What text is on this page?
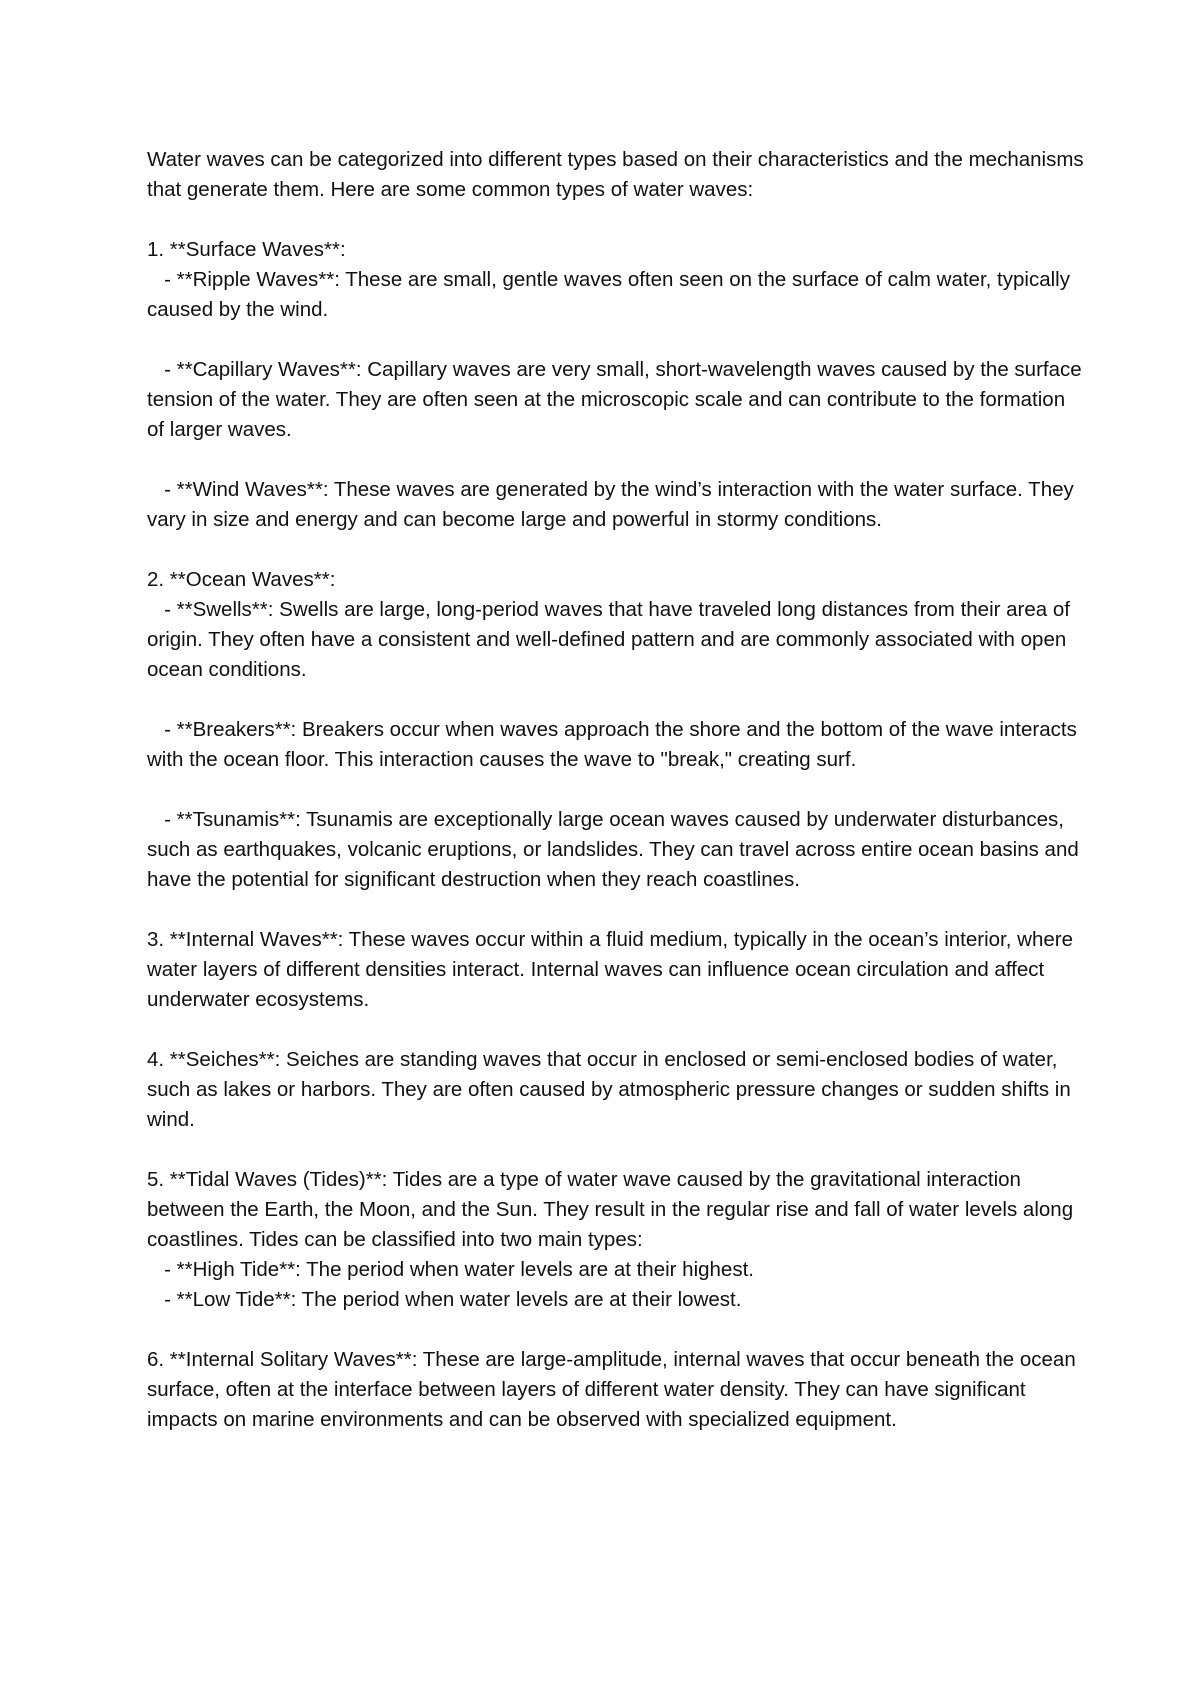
Water waves can be categorized into different types based on their characteristics and the mechanisms that generate them. Here are some common types of water waves:

1. **Surface Waves**:

- **Ripple Waves**: These are small, gentle waves often seen on the surface of calm water, typically caused by the wind.

- **Capillary Waves**: Capillary waves are very small, short-wavelength waves caused by the surface tension of the water. They are often seen at the microscopic scale and can contribute to the formation of larger waves.

- **Wind Waves**: These waves are generated by the wind’s interaction with the water surface. They vary in size and energy and can become large and powerful in stormy conditions.

2. **Ocean Waves**:

- **Swells**: Swells are large, long-period waves that have traveled long distances from their area of origin. They often have a consistent and well-defined pattern and are commonly associated with open ocean conditions.

- **Breakers**: Breakers occur when waves approach the shore and the bottom of the wave interacts with the ocean floor. This interaction causes the wave to "break," creating surf.

- **Tsunamis**: Tsunamis are exceptionally large ocean waves caused by underwater disturbances, such as earthquakes, volcanic eruptions, or landslides. They can travel across entire ocean basins and have the potential for significant destruction when they reach coastlines.

3. **Internal Waves**: These waves occur within a fluid medium, typically in the ocean’s interior, where water layers of different densities interact. Internal waves can influence ocean circulation and affect underwater ecosystems.

4. **Seiches**: Seiches are standing waves that occur in enclosed or semi-enclosed bodies of water, such as lakes or harbors. They are often caused by atmospheric pressure changes or sudden shifts in wind.

5. **Tidal Waves (Tides)**: Tides are a type of water wave caused by the gravitational interaction between the Earth, the Moon, and the Sun. They result in the regular rise and fall of water levels along coastlines. Tides can be classified into two main types:

- **High Tide**: The period when water levels are at their highest.

- **Low Tide**: The period when water levels are at their lowest.

6. **Internal Solitary Waves**: These are large-amplitude, internal waves that occur beneath the ocean surface, often at the interface between layers of different water density. They can have significant impacts on marine environments and can be observed with specialized equipment.
